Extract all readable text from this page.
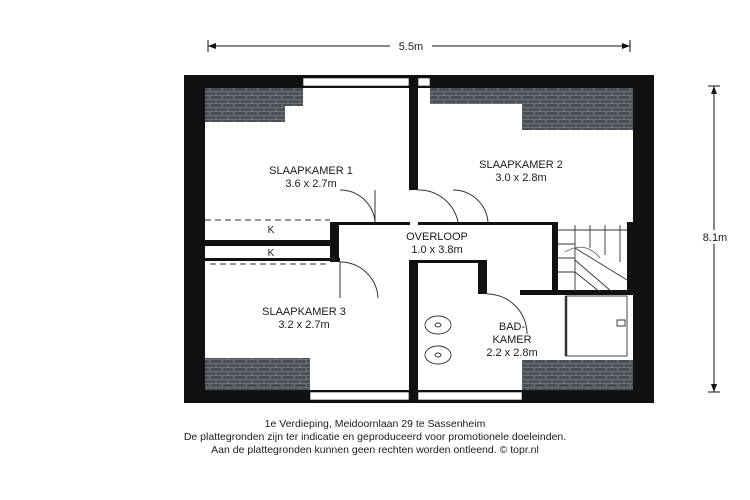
5.5m
8.1m
SLAAPKAMER 1
3.6 x 2.7m
SLAAPKAMER 2
3.0 x 2.8m
OVERLOOP
1.0 x 3.8m
SLAAPKAMER 3
3.2 x 2.7m	BAD-
KAMER
2.2 x 2.8m
K
K
1e Verdieping, Meidoornlaan 29 te Sassenheim
De plattegronden zijn ter indicatie en geproduceerd voor promotionele doeleinden.
Aan de plattegronden kunnen geen rechten worden ontleend. © topr.nl
